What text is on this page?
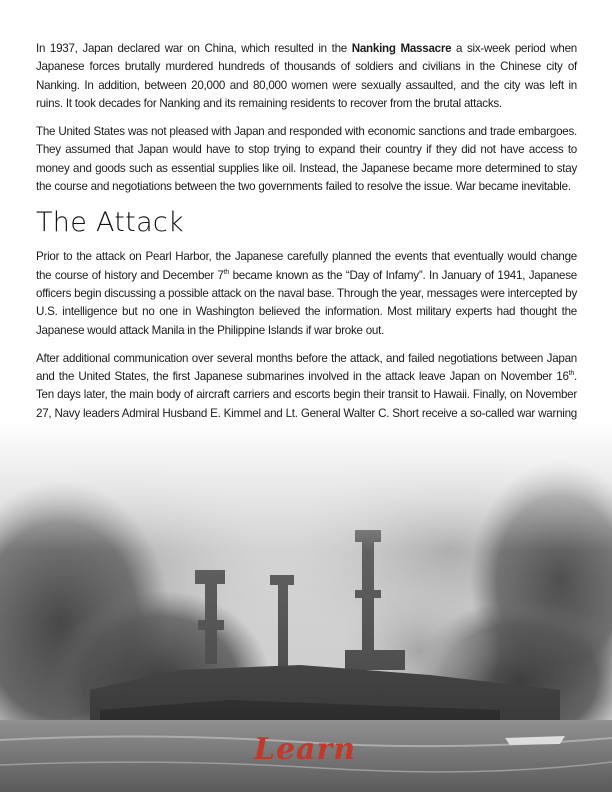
In 1937, Japan declared war on China, which resulted in the Nanking Massacre a six-week period when Japanese forces brutally murdered hundreds of thousands of soldiers and civilians in the Chinese city of Nanking. In addition, between 20,000 and 80,000 women were sexually assaulted, and the city was left in ruins. It took decades for Nanking and its remaining residents to recover from the brutal attacks.

The United States was not pleased with Japan and responded with economic sanctions and trade embargoes. They assumed that Japan would have to stop trying to expand their country if they did not have access to money and goods such as essential supplies like oil. Instead, the Japanese became more determined to stay the course and negotiations between the two governments failed to resolve the issue. War became inevitable.

The Attack

Prior to the attack on Pearl Harbor, the Japanese carefully planned the events that eventually would change the course of history and December 7th became known as the “Day of Infamy”. In January of 1941, Japanese officers begin discussing a possible attack on the naval base. Through the year, messages were intercepted by U.S. intelligence but no one in Washington believed the information. Most military experts had thought the Japanese would attack Manila in the Philippine Islands if war broke out.

After additional communication over several months before the attack, and failed negotiations between Japan and the United States, the first Japanese submarines involved in the attack leave Japan on November 16th. Ten days later, the main body of aircraft carriers and escorts begin their transit to Hawaii. Finally, on November 27, Navy leaders Admiral Husband E. Kimmel and Lt. General Walter C. Short receive a so-called war warning

Learn
